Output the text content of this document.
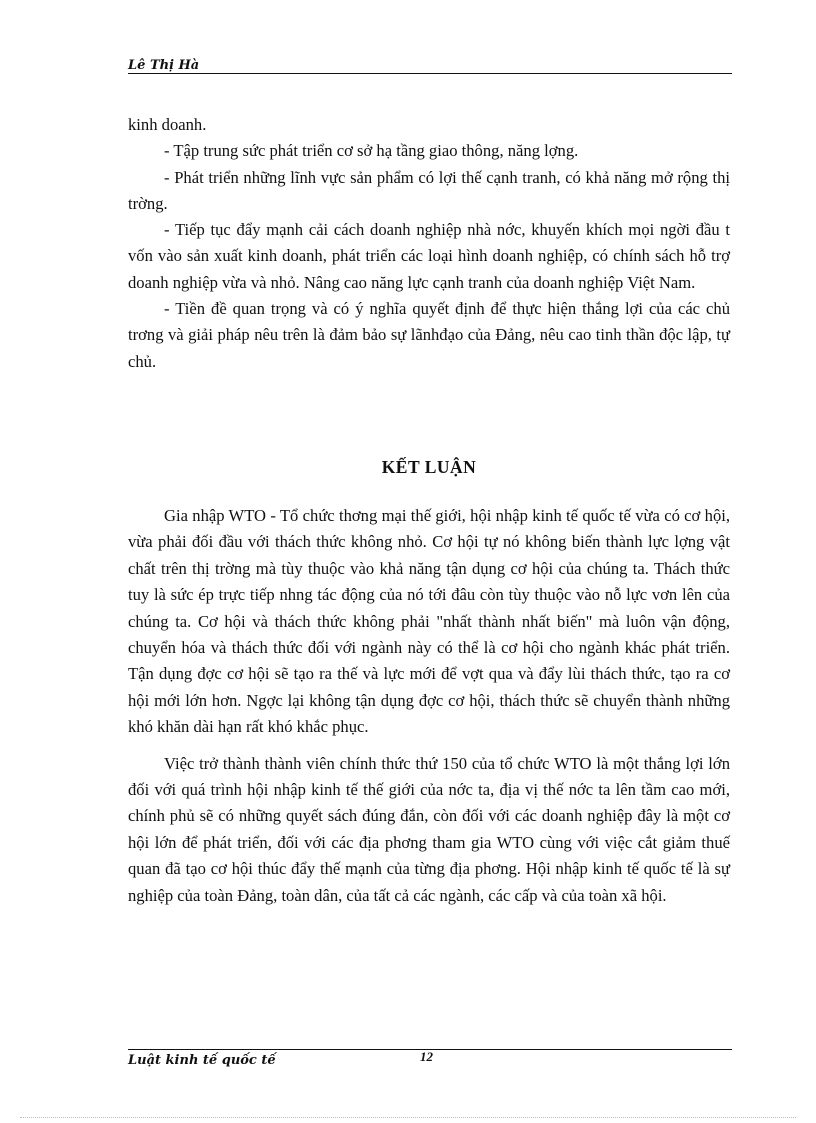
Lê Thị Hà

kinh doanh.

- Tập trung sức phát triển cơ sở hạ tầng giao thông, năng lợng.

- Phát triển những lĩnh vực sản phẩm có lợi thế cạnh tranh, có khả năng mở rộng thị trờng.

- Tiếp tục đẩy mạnh cải cách doanh nghiệp nhà nớc, khuyến khích mọi ngời đầu t vốn vào sản xuất kinh doanh, phát triển các loại hình doanh nghiệp, có chính sách hỗ trợ doanh nghiệp vừa và nhỏ. Nâng cao năng lực cạnh tranh của doanh nghiệp Việt Nam.

- Tiền đề quan trọng và có ý nghĩa quyết định để thực hiện thắng lợi của các chủ trơng và giải pháp nêu trên là đảm bảo sự lãnhđạo của Đảng, nêu cao tinh thần độc lập, tự chủ.

KẾT LUẬN

Gia nhập WTO - Tổ chức thơng mại thế giới, hội nhập kinh tế quốc tế vừa có cơ hội, vừa phải đối đầu với thách thức không nhỏ. Cơ hội tự nó không biến thành lực lợng vật chất trên thị trờng mà tùy thuộc vào khả năng tận dụng cơ hội của chúng ta. Thách thức tuy là sức ép trực tiếp nhng tác động của nó tới đâu còn tùy thuộc vào nỗ lực vơn lên của chúng ta. Cơ hội và thách thức không phải "nhất thành nhất biến" mà luôn vận động, chuyển hóa và thách thức đối với ngành này có thể là cơ hội cho ngành khác phát triển. Tận dụng đợc cơ hội sẽ tạo ra thế và lực mới để vợt qua và đẩy lùi thách thức, tạo ra cơ hội mới lớn hơn. Ngợc lại không tận dụng đợc cơ hội, thách thức sẽ chuyển thành những khó khăn dài hạn rất khó khắc phục.

Việc trở thành thành viên chính thức thứ 150 của tổ chức WTO là một thắng lợi lớn đối với quá trình hội nhập kinh tế thế giới của nớc ta, địa vị thế nớc ta lên tầm cao mới, chính phủ sẽ có những quyết sách đúng đắn, còn đối với các doanh nghiệp đây là một cơ hội lớn để phát triển, đối với các địa phơng tham gia WTO cùng với việc cắt giảm thuế quan đã tạo cơ hội thúc đẩy thế mạnh của từng địa phơng. Hội nhập kinh tế quốc tế là sự nghiệp của toàn Đảng, toàn dân, của tất cả các ngành, các cấp và của toàn xã hội.

Luật kinh tế quốc tế	12
